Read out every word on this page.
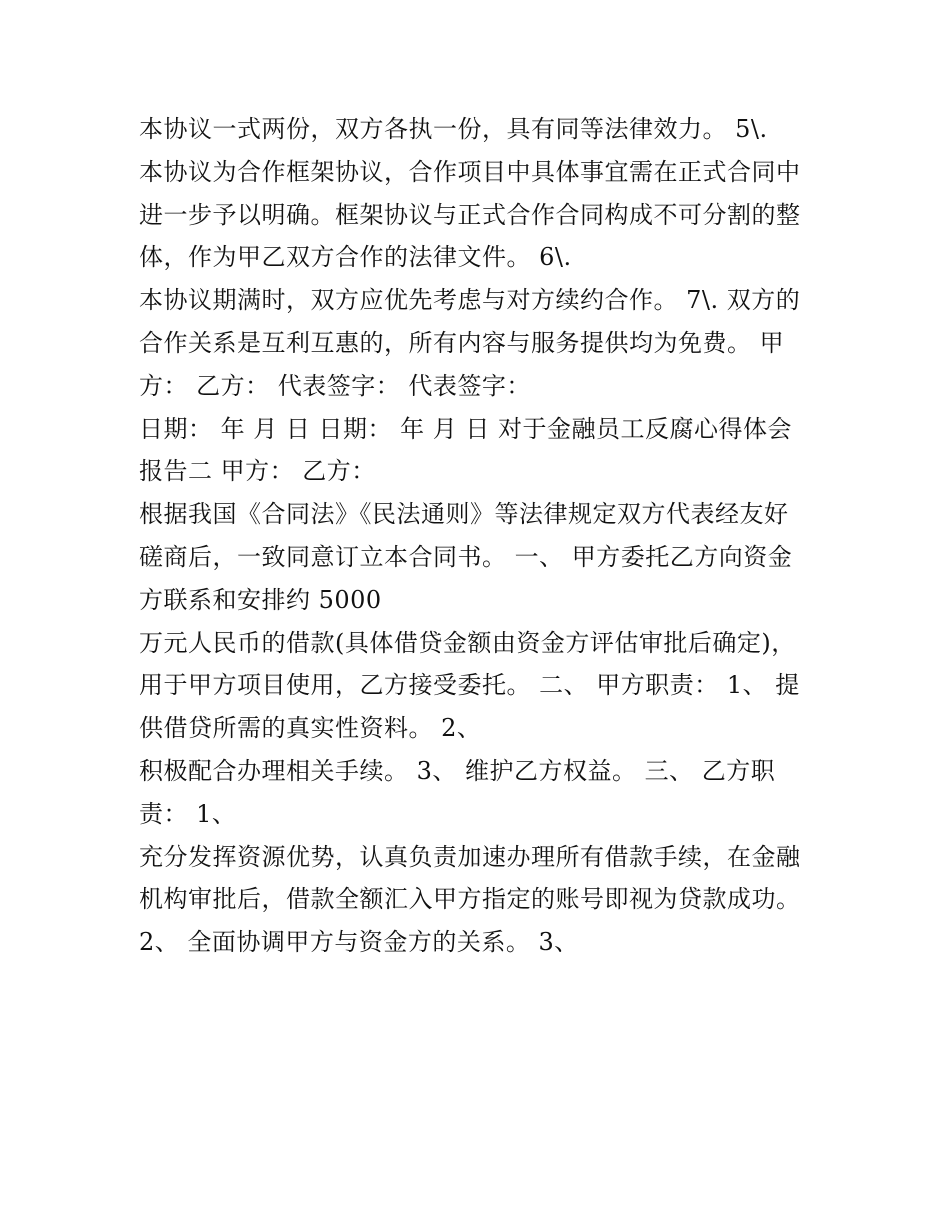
本协议一式两份，双方各执一份，具有同等法律效力。 5\.
本协议为合作框架协议，合作项目中具体事宜需在正式合同中
进一步予以明确。框架协议与正式合作合同构成不可分割的整
体，作为甲乙双方合作的法律文件。 6\.
本协议期满时，双方应优先考虑与对方续约合作。 7\. 双方的
合作关系是互利互惠的，所有内容与服务提供均为免费。 甲
方： 乙方： 代表签字： 代表签字：
日期： 年 月 日 日期： 年 月 日 对于金融员工反腐心得体会
报告二 甲方： 乙方：
根据我国《合同法》《民法通则》等法律规定双方代表经友好
磋商后，一致同意订立本合同书。 一、 甲方委托乙方向资金
方联系和安排约 5000
万元人民币的借款(具体借贷金额由资金方评估审批后确定)，
用于甲方项目使用，乙方接受委托。 二、 甲方职责： 1、 提
供借贷所需的真实性资料。 2、
积极配合办理相关手续。 3、 维护乙方权益。 三、 乙方职
责： 1、
充分发挥资源优势，认真负责加速办理所有借款手续，在金融
机构审批后，借款全额汇入甲方指定的账号即视为贷款成功。
2、 全面协调甲方与资金方的关系。 3、
